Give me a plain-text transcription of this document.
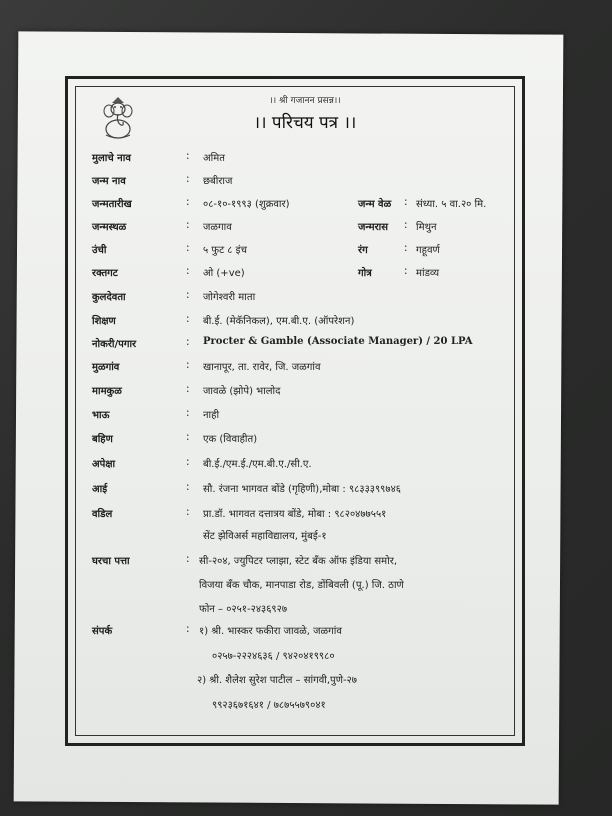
।। श्री गजानन प्रसन्न।।
।। परिचय पत्र ।।
मुलाचे नाव	: अमित
जन्म नाव	: छबीराज
जन्मतारीख	: ०८-१०-१९९३ (शुक्रवार)	जन्म वेळ : संध्या. ५ वा.२० मि.
जन्मस्थळ	: जळगाव	जन्मरास : मिथुन
उंची	: ५ फुट ८ इंच	रंग	: गहूवर्ण
रक्तगट	: ओ (+ve)	गोत्र	: मांडव्य
कुलदेवता	: जोगेश्वरी माता
शिक्षण	: बी.ई. (मेकॅनिकल), एम.बी.ए. (ऑपरेशन)
नोकरी/पगार	: Procter & Gamble (Associate Manager) / 20 LPA
मुळगांव	: खानापूर, ता. रावेर, जि. जळगांव
मामकुळ	: जावळे (झोपे) भालोद
भाऊ	: नाही
बहिण	: एक (विवाहीत)
अपेक्षा	: बी.ई./एम.ई./एम.बी.ए./सी.ए.
आई	: सौ. रंजना भागवत बोंडे (गृहिणी),मोबा : ९८३३३९९७४६
वडिल	: प्रा.डॉ. भागवत दत्तात्रय बोंडे, मोबा : ९८२०४७७५५१
सेंट झेविअर्स महाविद्यालय, मुंबई-१
घरचा पत्ता	: सी-२०४, ज्युपिटर प्लाझा, स्टेट बँक ऑफ इंडिया समोर,
विजया बँक चौक, मानपाडा रोड, डोंबिवली (पू.) जि. ठाणे
फोन – ०२५१-२४३६९२७
संपर्क	: १) श्री. भास्कर फकीरा जावळे, जळगांव
०२५७-२२२४६३६ / ९४२०४१९९८०
२) श्री. शैलेश सुरेश पाटील – सांगवी,पुणे-२७
९९२३६७१६४१ / ७८७५५७९०४१
